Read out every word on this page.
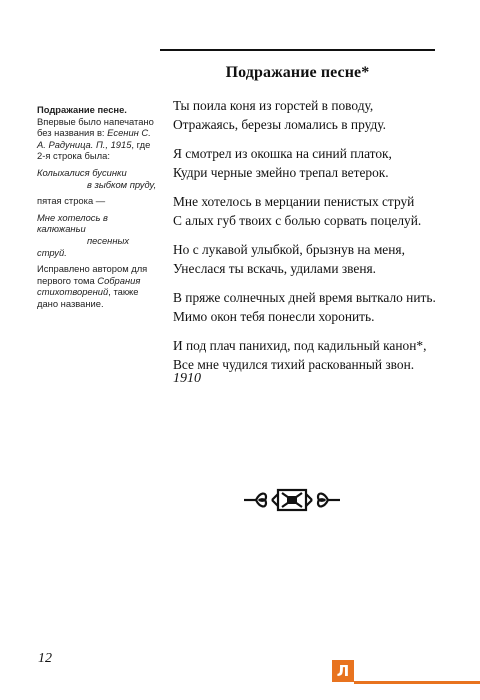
Подражание песне*
Ты поила коня из горстей в поводу,
Отражаясь, березы ломались в пруду.
Я смотрел из окошка на синий платок,
Кудри черные змейно трепал ветерок.
Мне хотелось в мерцании пенистых струй
С алых губ твоих с болью сорвать поцелуй.
Но с лукавой улыбкой, брызнув на меня,
Унеслася ты вскачь, удилами звеня.
В пряже солнечных дней время выткало нить.
Мимо окон тебя понесли хоронить.
И под плач панихид, под кадильный канон*,
Все мне чудился тихий раскованный звон.
1910

Подражание песне.
Впервые было напечатано без названия в: Есенин С. А. Радуница. П., 1915, где 2-я строка была:

Колыхалися бусинки
в зыбком пруду,

пятая строка —

Мне хотелось в калюжаньи
песенных струй.

Исправлено автором для первого тома Собрания стихотворений, также дано название.

12
Л
